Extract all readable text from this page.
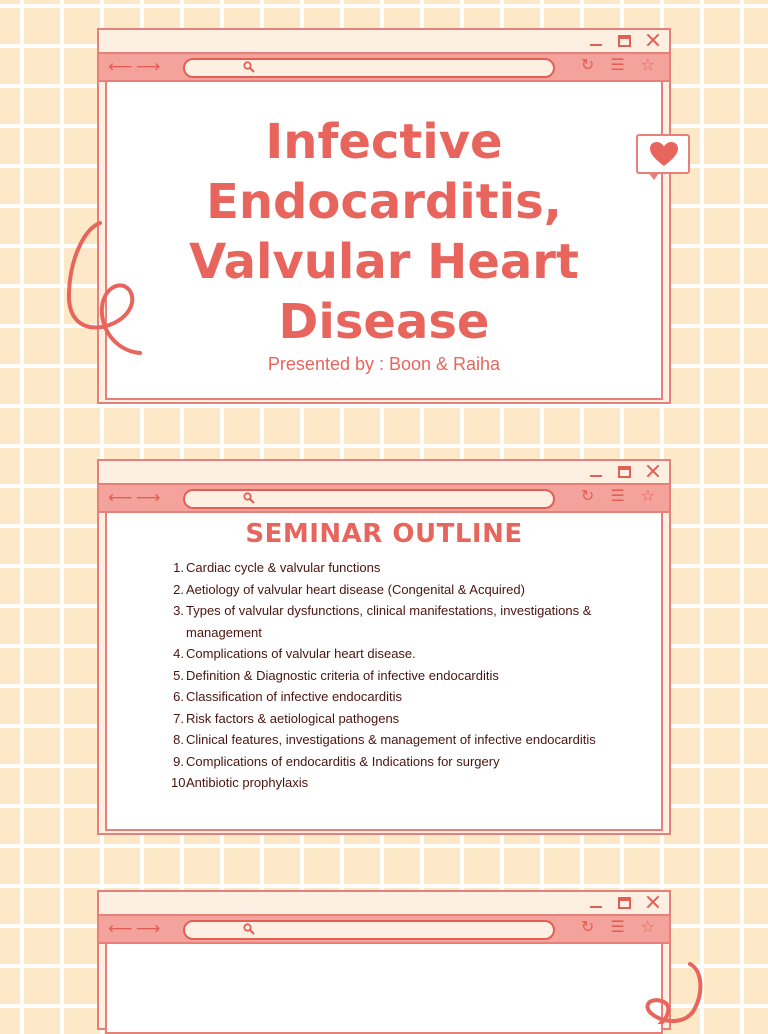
⟵ ⟶	↻ ☰ ☆
Infective
Endocarditis,
Valvular Heart
Disease
Presented by : Boon & Raiha
⟵ ⟶	↻ ☰ ☆
SEMINAR OUTLINE
1. Cardiac cycle & valvular functions
2. Aetiology of valvular heart disease (Congenital & Acquired)
3. Types of valvular dysfunctions, clinical manifestations, investigations & management
4. Complications of valvular heart disease.
5. Definition & Diagnostic criteria of infective endocarditis
6. Classification of infective endocarditis
7. Risk factors & aetiological pathogens
8. Clinical features, investigations & management of infective endocarditis
9. Complications of endocarditis & Indications for surgery
10.
Antibiotic prophylaxis
⟵ ⟶	↻ ☰ ☆
